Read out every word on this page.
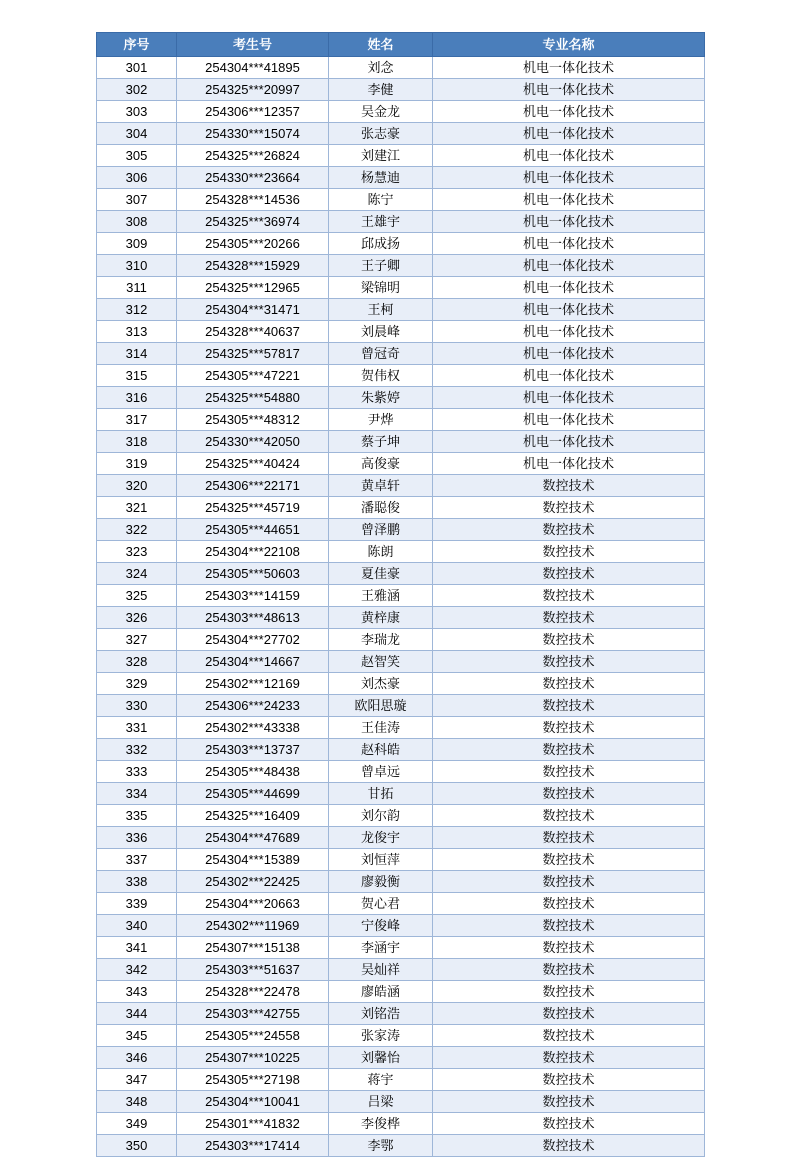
序号	考生号	姓名	专业名称
301	254304***41895	刘念	机电一体化技术
302	254325***20997	李健	机电一体化技术
303	254306***12357	吴金龙	机电一体化技术
304	254330***15074	张志豪	机电一体化技术
305	254325***26824	刘建江	机电一体化技术
306	254330***23664	杨慧迪	机电一体化技术
307	254328***14536	陈宁	机电一体化技术
308	254325***36974	王雄宇	机电一体化技术
309	254305***20266	邱成扬	机电一体化技术
310	254328***15929	王子卿	机电一体化技术
311	254325***12965	梁锦明	机电一体化技术
312	254304***31471	王柯	机电一体化技术
313	254328***40637	刘晨峰	机电一体化技术
314	254325***57817	曾冠奇	机电一体化技术
315	254305***47221	贺伟权	机电一体化技术
316	254325***54880	朱紫婷	机电一体化技术
317	254305***48312	尹烨	机电一体化技术
318	254330***42050	蔡子坤	机电一体化技术
319	254325***40424	高俊豪	机电一体化技术
320	254306***22171	黄卓轩	数控技术
321	254325***45719	潘聪俊	数控技术
322	254305***44651	曾泽鹏	数控技术
323	254304***22108	陈朗	数控技术
324	254305***50603	夏佳豪	数控技术
325	254303***14159	王雅涵	数控技术
326	254303***48613	黄梓康	数控技术
327	254304***27702	李瑞龙	数控技术
328	254304***14667	赵智笑	数控技术
329	254302***12169	刘杰豪	数控技术
330	254306***24233	欧阳思璇	数控技术
331	254302***43338	王佳涛	数控技术
332	254303***13737	赵科皓	数控技术
333	254305***48438	曾卓远	数控技术
334	254305***44699	甘拓	数控技术
335	254325***16409	刘尔韵	数控技术
336	254304***47689	龙俊宇	数控技术
337	254304***15389	刘恒萍	数控技术
338	254302***22425	廖毅衡	数控技术
339	254304***20663	贺心君	数控技术
340	254302***11969	宁俊峰	数控技术
341	254307***15138	李涵宇	数控技术
342	254303***51637	吴灿祥	数控技术
343	254328***22478	廖皓涵	数控技术
344	254303***42755	刘铭浩	数控技术
345	254305***24558	张家涛	数控技术
346	254307***10225	刘馨怡	数控技术
347	254305***27198	蒋宇	数控技术
348	254304***10041	吕梁	数控技术
349	254301***41832	李俊桦	数控技术
350	254303***17414	李鄂	数控技术
